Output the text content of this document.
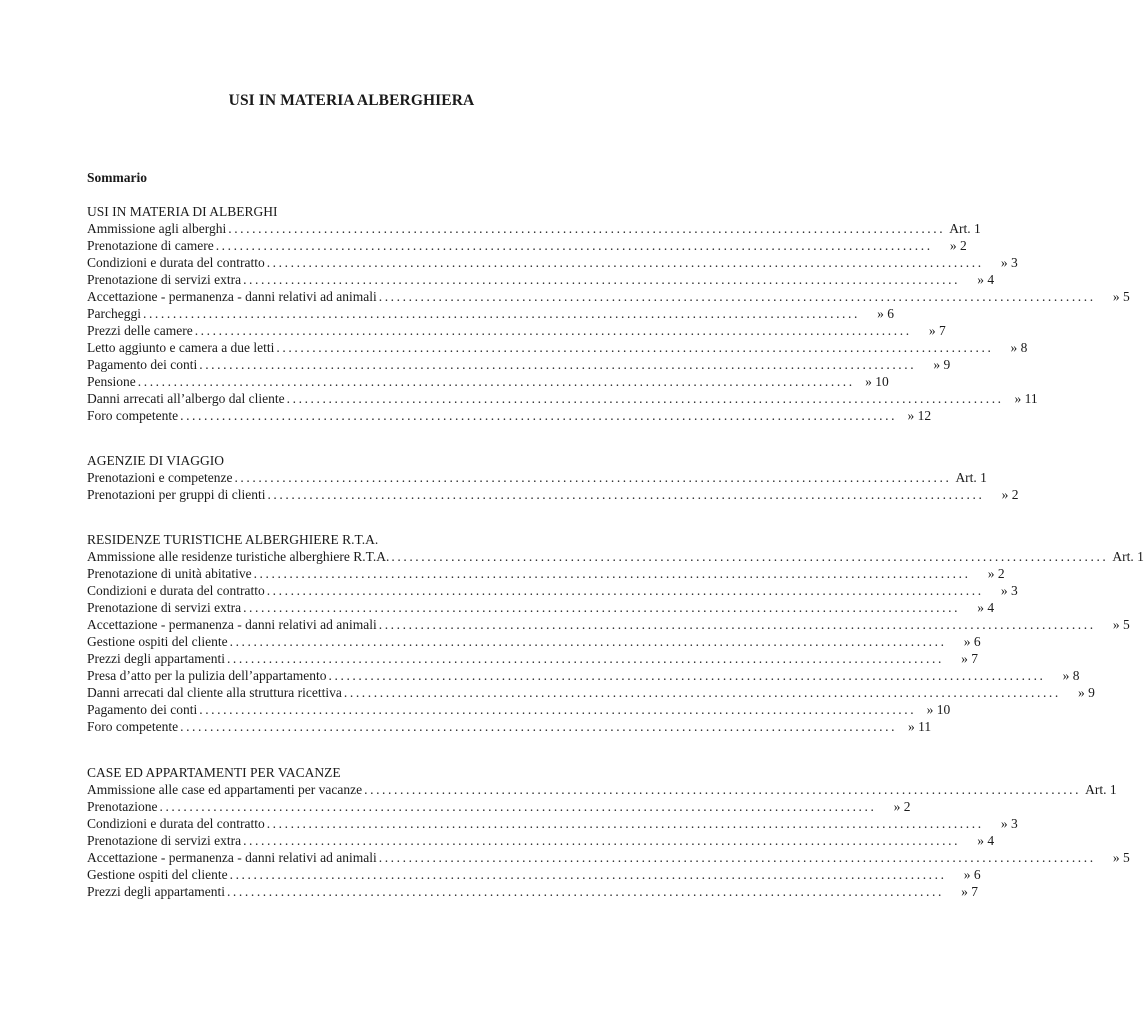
USI IN MATERIA ALBERGHIERA
Sommario
USI IN MATERIA DI ALBERGHI
Ammissione agli alberghi ........................................................................................................................ Art. 1
Prenotazione di camere ........................................................................................................................	» 2
Condizioni e durata del contratto ........................................................................................................................	» 3
Prenotazione di servizi extra ........................................................................................................................	» 4
Accettazione - permanenza - danni relativi ad animali ........................................................................................................................	» 5
Parcheggi ........................................................................................................................	» 6
Prezzi delle camere ........................................................................................................................	» 7
Letto aggiunto e camera a due letti ........................................................................................................................	» 8
Pagamento dei conti ........................................................................................................................	» 9
Pensione ........................................................................................................................ » 10
Danni arrecati all’albergo dal cliente ........................................................................................................................ » 11
Foro competente ........................................................................................................................ » 12
AGENZIE DI VIAGGIO
Prenotazioni e competenze ........................................................................................................................ Art. 1
Prenotazioni per gruppi di clienti ........................................................................................................................	» 2
RESIDENZE TURISTICHE ALBERGHIERE R.T.A.
Ammissione alle residenze turistiche alberghiere R.T.A. ........................................................................................................................ Art. 1
Prenotazione di unità abitative ........................................................................................................................	» 2
Condizioni e durata del contratto ........................................................................................................................	» 3
Prenotazione di servizi extra ........................................................................................................................	» 4
Accettazione - permanenza - danni relativi ad animali ........................................................................................................................	» 5
Gestione ospiti del cliente ........................................................................................................................	» 6
Prezzi degli appartamenti ........................................................................................................................	» 7
Presa d’atto per la pulizia dell’appartamento ........................................................................................................................	» 8
Danni arrecati dal cliente alla struttura ricettiva ........................................................................................................................	» 9
Pagamento dei conti ........................................................................................................................ » 10
Foro competente ........................................................................................................................ » 11
CASE ED APPARTAMENTI PER VACANZE
Ammissione alle case ed appartamenti per vacanze ........................................................................................................................ Art. 1
Prenotazione ........................................................................................................................	» 2
Condizioni e durata del contratto ........................................................................................................................	» 3
Prenotazione di servizi extra ........................................................................................................................	» 4
Accettazione - permanenza - danni relativi ad animali ........................................................................................................................	» 5
Gestione ospiti del cliente ........................................................................................................................	» 6
Prezzi degli appartamenti ........................................................................................................................	» 7
